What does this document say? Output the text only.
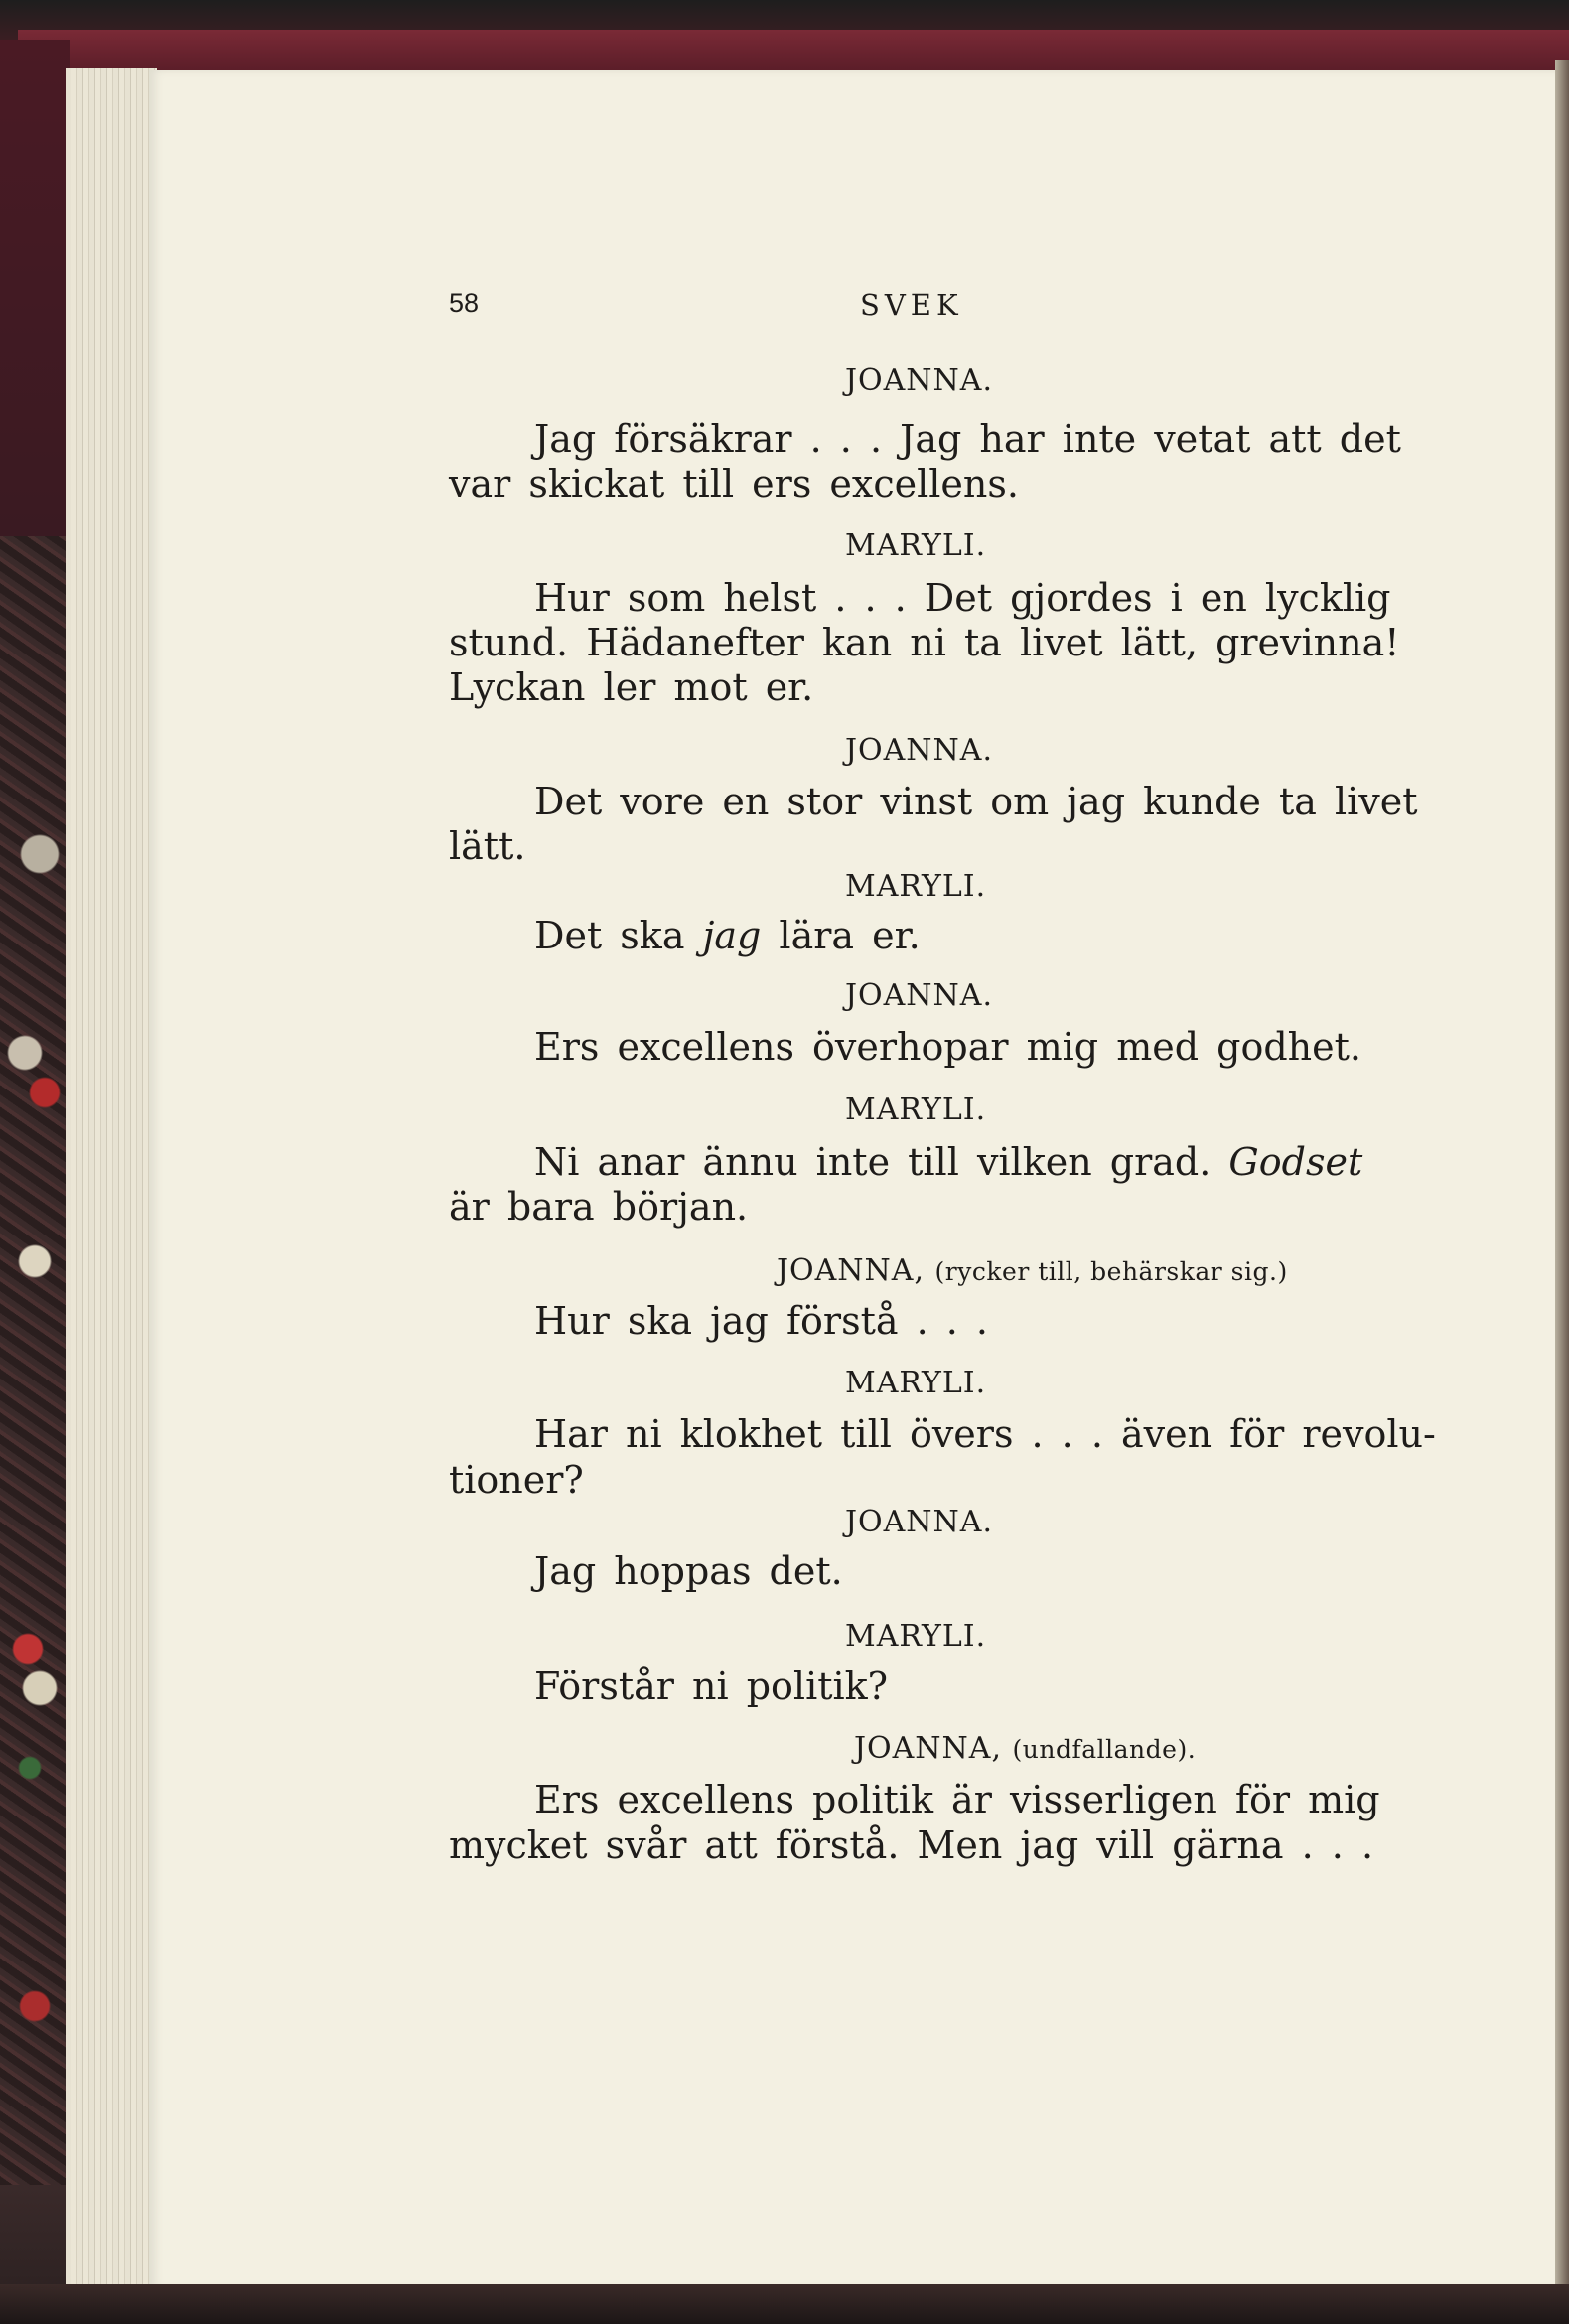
58	SVEK
JOANNA.
Jag försäkrar . . . Jag har inte vetat att det
var skickat till ers excellens.
MARYLI.
Hur som helst . . . Det gjordes i en lycklig
stund. Hädanefter kan ni ta livet lätt, grevinna!
Lyckan ler mot er.
JOANNA.
Det vore en stor vinst om jag kunde ta livet
lätt.
MARYLI.
Det ska jag lära er.
JOANNA.
Ers excellens överhopar mig med godhet.
MARYLI.
Ni anar ännu inte till vilken grad. Godset
är bara början.
JOANNA, (rycker till, behärskar sig.)
Hur ska jag förstå . . .
MARYLI.
Har ni klokhet till övers . . . även för revolu-
tioner?
JOANNA.
Jag hoppas det.
MARYLI.
Förstår ni politik?
JOANNA, (undfallande).
Ers excellens politik är visserligen för mig
mycket svår att förstå. Men jag vill gärna . . .
